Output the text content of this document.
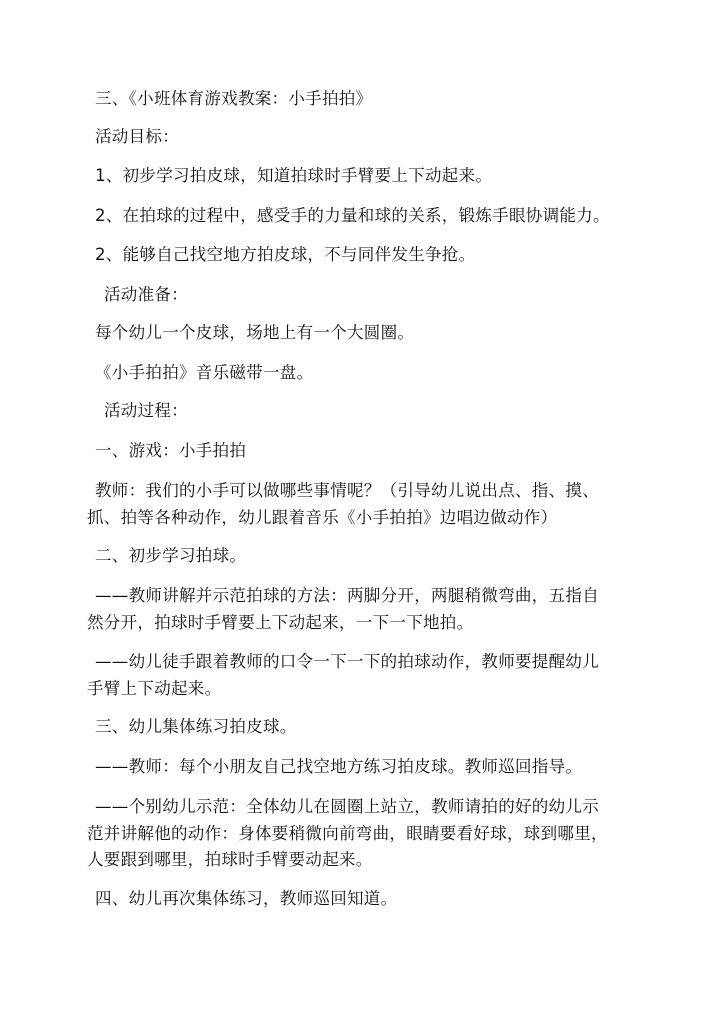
三、《小班体育游戏教案：小手拍拍》
活动目标：
1、初步学习拍皮球，知道拍球时手臂要上下动起来。
2、在拍球的过程中，感受手的力量和球的关系，锻炼手眼协调能力。
2、能够自己找空地方拍皮球，不与同伴发生争抢。
活动准备：
每个幼儿一个皮球，场地上有一个大圆圈。
《小手拍拍》音乐磁带一盘。
活动过程：
一、游戏：小手拍拍
教师：我们的小手可以做哪些事情呢？（引导幼儿说出点、指、摸、
抓、拍等各种动作，幼儿跟着音乐《小手拍拍》边唱边做动作）
二、初步学习拍球。
——教师讲解并示范拍球的方法：两脚分开，两腿稍微弯曲，五指自
然分开，拍球时手臂要上下动起来，一下一下地拍。
——幼儿徒手跟着教师的口令一下一下的拍球动作，教师要提醒幼儿
手臂上下动起来。
三、幼儿集体练习拍皮球。
——教师：每个小朋友自己找空地方练习拍皮球。教师巡回指导。
——个别幼儿示范：全体幼儿在圆圈上站立，教师请拍的好的幼儿示
范并讲解他的动作：身体要稍微向前弯曲，眼睛要看好球，球到哪里，
人要跟到哪里，拍球时手臂要动起来。
四、幼儿再次集体练习，教师巡回知道。
